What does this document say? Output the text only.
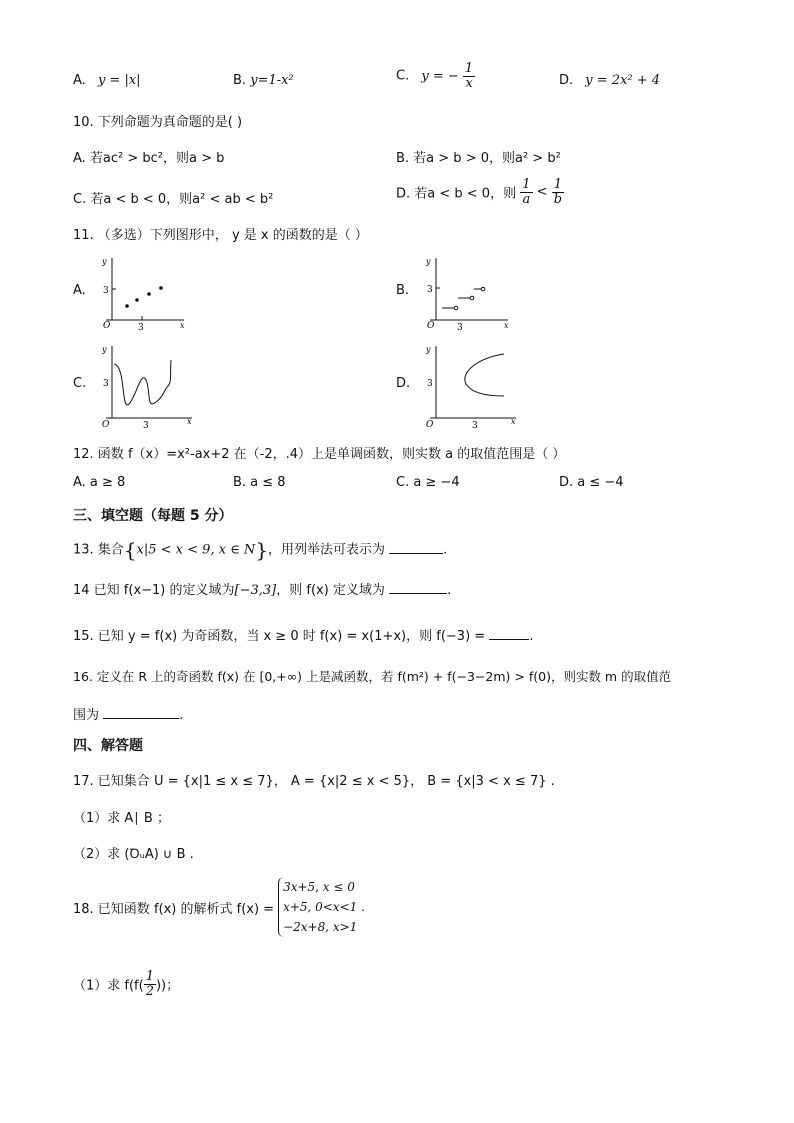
A. y = |x|	B. y=1-x²	C. y = − $\frac{1}{x}$	D. y = 2x² + 4
10. 下列命题为真命题的是( )
A. 若ac² > bc²，则a > b	B. 若a > b > 0，则a² > b²
C. 若a < b < 0，则a² < ab < b²	D. 若a < b < 0，则 $\frac{1}{a} < \frac{1}{b}$
11. （多选）下列图形中， y 是 x 的函数的是（ ）
A.
y
x
O
3
3
B.
y
x
O
3
3
C.
y
x
O
3
3
D.
y
x
O
3
3
12. 函数 f（x）=x²-ax+2 在（-2，.4）上是单调函数，则实数 a 的取值范围是（ ）
A. a ≥ 8	B. a ≤ 8	C. a ≥ −4	D. a ≤ −4
三、填空题（每题 5 分）
13. 集合{x|5 < x < 9, x ∈ N}，用列举法可表示为	.
14 已知 f(x−1) 的定义域为[−3,3]，则 f(x) 定义域为	.
15. 已知 y = f(x) 为奇函数，当 x ≥ 0 时 f(x) = x(1+x)，则 f(−3) =	.
16. 定义在 R 上的奇函数 f(x) 在 [0,+∞) 上是减函数，若 f(m²) + f(−3−2m) > f(0)，则实数 m 的取值范
围为	.
四、解答题
17. 已知集合 U = {x|1 ≤ x ≤ 7}， A = {x|2 ≤ x < 5}， B = {x|3 < x ≤ 7} .
（1）求 A∣ B ；
（2）求 (ꝹᵤA) ∪ B .
18. 已知函数 f(x) 的解析式 f(x) =
3x+5, x ≤ 0
x+5, 0<x<1 .
−2x+8, x>1
（1）求 $f(f( \frac{1}{2}$ ))；
